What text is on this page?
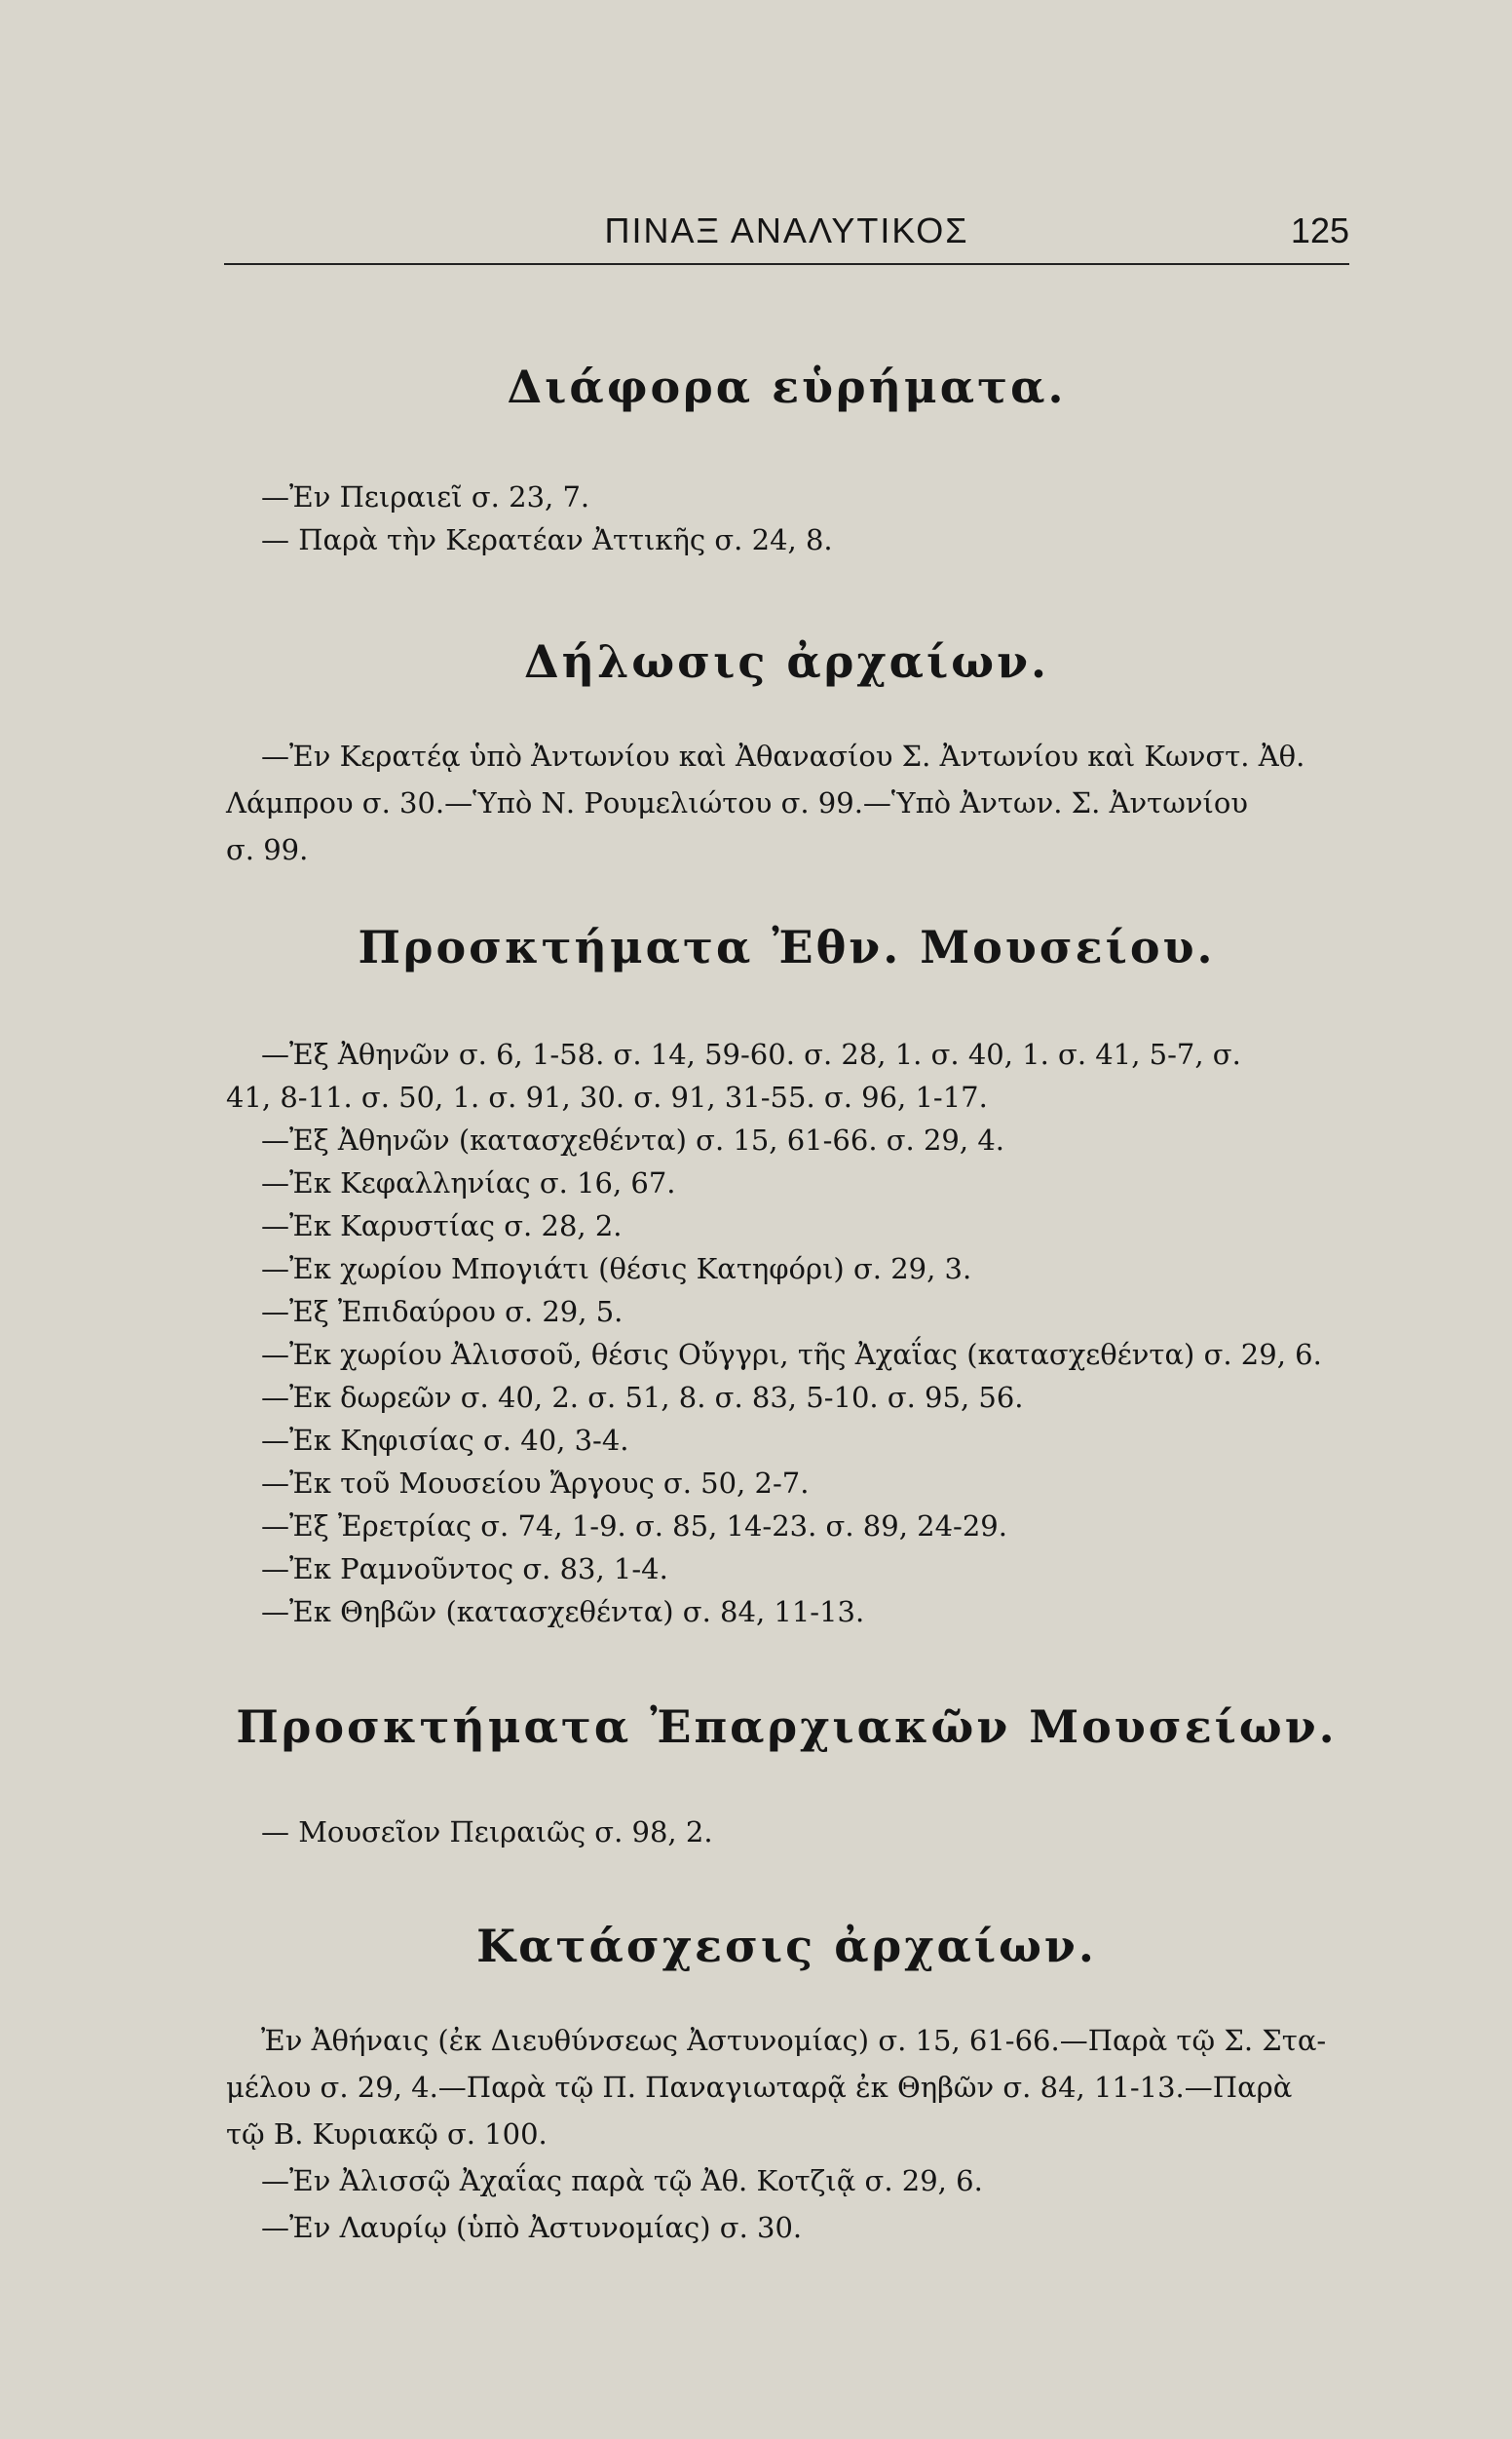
ΠΙΝΑΞ ΑΝΑΛΥΤΙΚΟΣ	125
Διάφορα εὑρήματα.
—Ἐν Πειραιεῖ σ. 23, 7.
— Παρὰ τὴν Κερατέαν Ἀττικῆς σ. 24, 8.
Δήλωσις ἀρχαίων.
—Ἐν Κερατέᾳ ὑπὸ Ἀντωνίου καὶ Ἀθανασίου Σ. Ἀντωνίου καὶ Κωνστ. Ἀθ.
Λάμπρου σ. 30.—Ὑπὸ Ν. Ρουμελιώτου σ. 99.—Ὑπὸ Ἀντων. Σ. Ἀντωνίου
σ. 99.
Προσκτήματα Ἐθν. Μουσείου.
—Ἐξ Ἀθηνῶν σ. 6, 1-58. σ. 14, 59-60. σ. 28, 1. σ. 40, 1. σ. 41, 5-7, σ.
41, 8-11. σ. 50, 1. σ. 91, 30. σ. 91, 31-55. σ. 96, 1-17.
—Ἐξ Ἀθηνῶν (κατασχεθέντα) σ. 15, 61-66. σ. 29, 4.
—Ἐκ Κεφαλληνίας σ. 16, 67.
—Ἐκ Καρυστίας σ. 28, 2.
—Ἐκ χωρίου Μπογιάτι (θέσις Κατηφόρι) σ. 29, 3.
—Ἐξ Ἐπιδαύρου σ. 29, 5.
—Ἐκ χωρίου Ἀλισσοῦ, θέσις Οὔγγρι, τῆς Ἀχαΐας (κατασχεθέντα) σ. 29, 6.
—Ἐκ δωρεῶν σ. 40, 2. σ. 51, 8. σ. 83, 5-10. σ. 95, 56.
—Ἐκ Κηφισίας σ. 40, 3-4.
—Ἐκ τοῦ Μουσείου Ἄργους σ. 50, 2-7.
—Ἐξ Ἐρετρίας σ. 74, 1-9. σ. 85, 14-23. σ. 89, 24-29.
—Ἐκ Ραμνοῦντος σ. 83, 1-4.
—Ἐκ Θηβῶν (κατασχεθέντα) σ. 84, 11-13.
Προσκτήματα Ἐπαρχιακῶν Μουσείων.
— Μουσεῖον Πειραιῶς σ. 98, 2.
Κατάσχεσις ἀρχαίων.
Ἐν Ἀθήναις (ἐκ Διευθύνσεως Ἀστυνομίας) σ. 15, 61-66.—Παρὰ τῷ Σ. Στα-
μέλου σ. 29, 4.—Παρὰ τῷ Π. Παναγιωταρᾷ ἐκ Θηβῶν σ. 84, 11-13.—Παρὰ
τῷ Β. Κυριακῷ σ. 100.
—Ἐν Ἀλισσῷ Ἀχαΐας παρὰ τῷ Ἀθ. Κοτζιᾷ σ. 29, 6.
—Ἐν Λαυρίῳ (ὑπὸ Ἀστυνομίας) σ. 30.
